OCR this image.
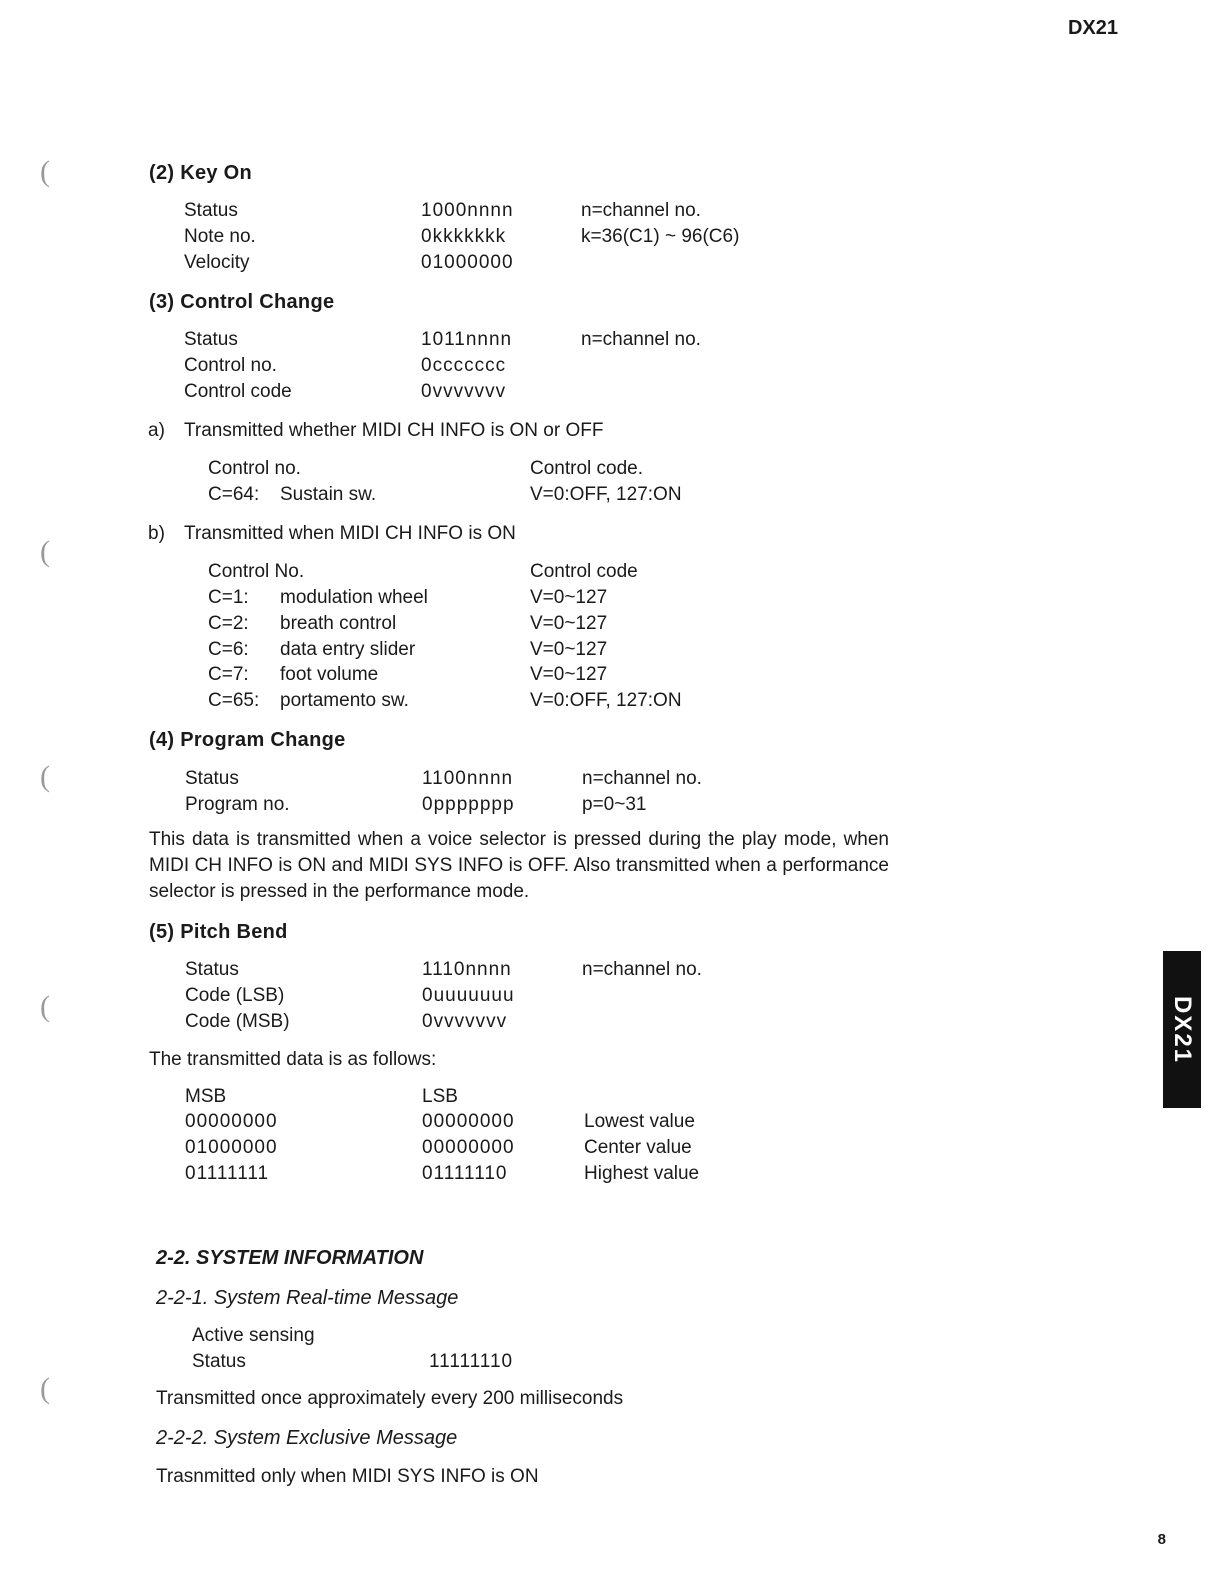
DX21
DX21
8
(
(
(
(
(
(2) Key On
Status	1000nnnn	n=channel no.
Note no.	0kkkkkkk	k=36(C1) ~ 96(C6)
Velocity	01000000
(3) Control Change
Status	1011nnnn	n=channel no.
Control no.	0ccccccc
Control code	0vvvvvvv
a) Transmitted whether MIDI CH INFO is ON or OFF
Control no.	Control code.
C=64: Sustain sw.	V=0:OFF, 127:ON
b) Transmitted when MIDI CH INFO is ON
Control No.	Control code
C=1: modulation wheel	V=0~127
C=2: breath control	V=0~127
C=6: data entry slider	V=0~127
C=7: foot volume	V=0~127
C=65: portamento sw.	V=0:OFF, 127:ON
(4) Program Change
Status	1100nnnn	n=channel no.
Program no.	0ppppppp	p=0~31
This data is transmitted when a voice selector is pressed during the play mode, when MIDI CH INFO is ON and MIDI SYS INFO is OFF. Also transmitted when a performance selector is pressed in the performance mode.
(5) Pitch Bend
Status	1110nnnn	n=channel no.
Code (LSB)	0uuuuuuu
Code (MSB)	0vvvvvvv
The transmitted data is as follows:
MSB	LSB
00000000	00000000	Lowest value
01000000	00000000	Center value
01111111	01111110	Highest value
2-2. SYSTEM INFORMATION
2-2-1. System Real-time Message
Active sensing
Status	11111110
Transmitted once approximately every 200 milliseconds
2-2-2. System Exclusive Message
Trasnmitted only when MIDI SYS INFO is ON
